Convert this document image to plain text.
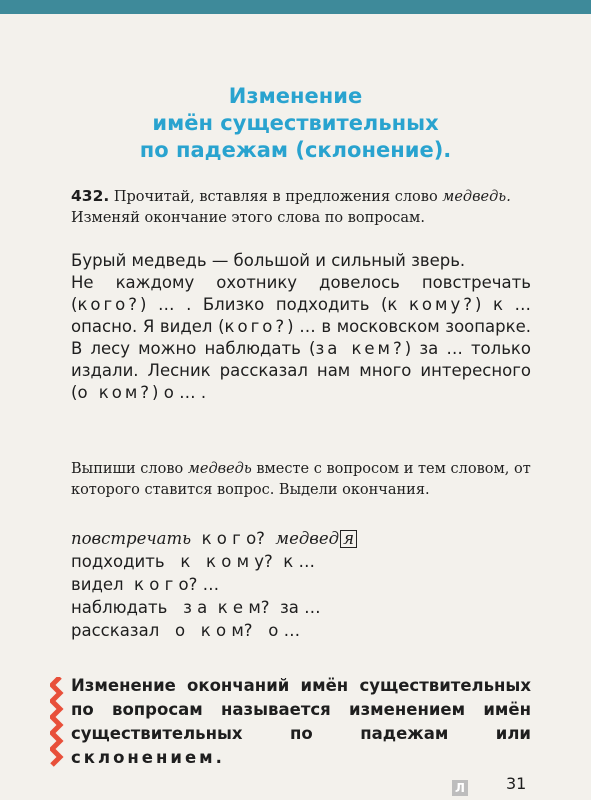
Изменение
имён существительных
по падежам (склонение).
432. Прочитай, вставляя в предложения слово медведь. Изменяй окончание этого слова по вопросам.

Бурый медведь — большой и сильный зверь.

Не каждому охотнику довелось повстречать (кого?) … . Близко подходить (к кому?) к … опасно. Я видел (кого?) … в московском зоопарке. В лесу можно наблюдать (за кем?) за … только издали. Лесник рассказал нам много интересного (о ком?) о … .

Выпиши слово медведь вместе с вопросом и тем словом, от которого ставится вопрос. Выдели окончания.
повстречать  к о г о?  медвед я
подходить   к   к о м у?  к …
видел  к о г о? …
наблюдать   з а  к е м?  за …
рассказал   о   к о м?   о …

Изменение окончаний имён существительных по вопросам называется изменением имён существительных по падежам или склонением.

Л	31
